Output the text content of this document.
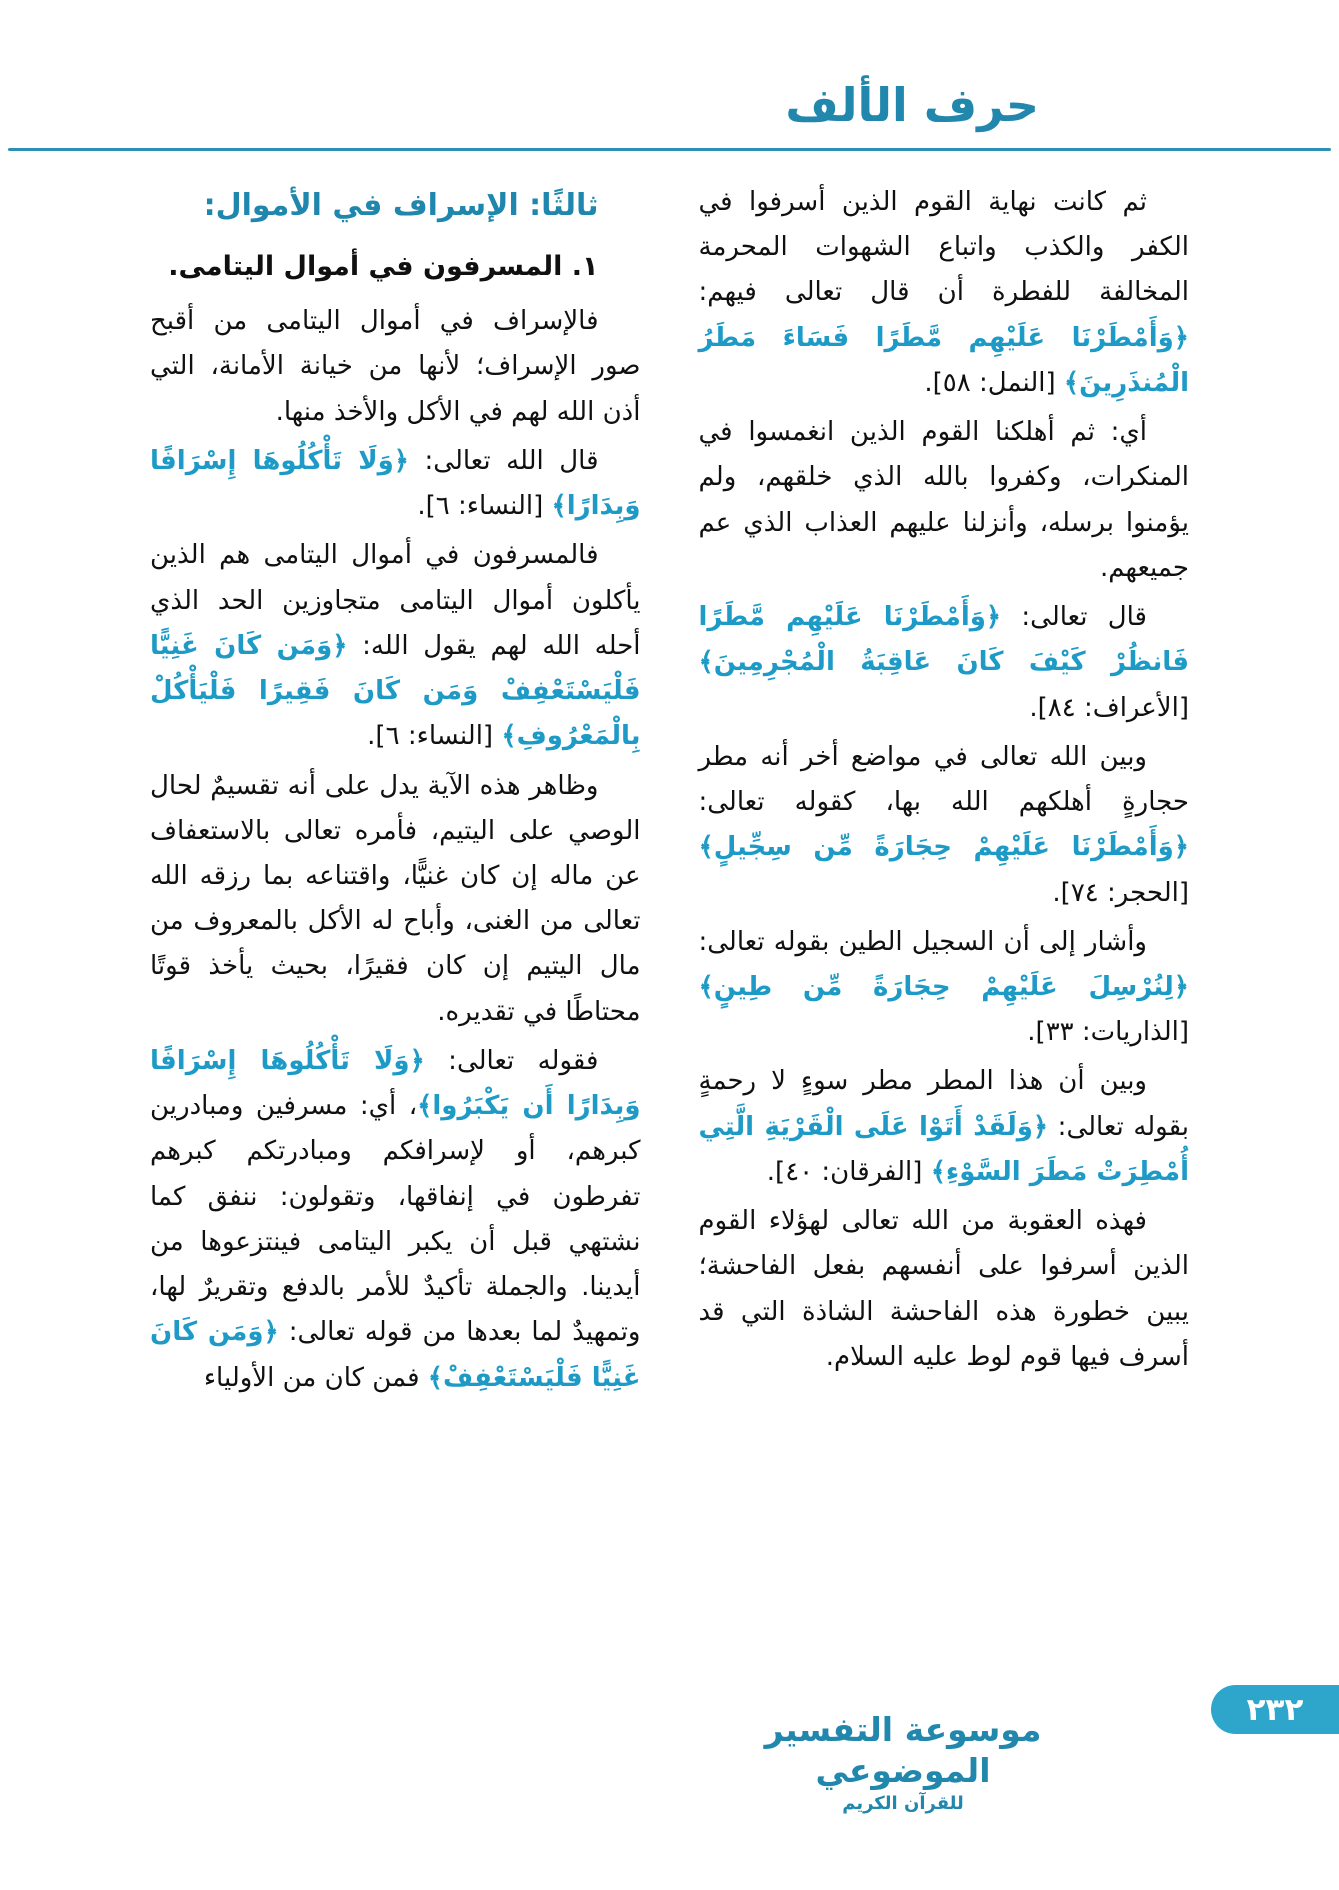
حرف الألف

ثم كانت نهاية القوم الذين أسرفوا في الكفر والكذب واتباع الشهوات المحرمة المخالفة للفطرة أن قال تعالى فيهم: ﴿وَأَمْطَرْنَا عَلَيْهِم مَّطَرًا فَسَاءَ مَطَرُ الْمُنذَرِينَ﴾ [النمل: ٥٨].

أي: ثم أهلكنا القوم الذين انغمسوا في المنكرات، وكفروا بالله الذي خلقهم، ولم يؤمنوا برسله، وأنزلنا عليهم العذاب الذي عم جميعهم.

قال تعالى: ﴿وَأَمْطَرْنَا عَلَيْهِم مَّطَرًا فَانظُرْ كَيْفَ كَانَ عَاقِبَةُ الْمُجْرِمِينَ﴾ [الأعراف: ٨٤].

وبين الله تعالى في مواضع أخر أنه مطر حجارةٍ أهلكهم الله بها، كقوله تعالى: ﴿وَأَمْطَرْنَا عَلَيْهِمْ حِجَارَةً مِّن سِجِّيلٍ﴾ [الحجر: ٧٤].

وأشار إلى أن السجيل الطين بقوله تعالى: ﴿لِنُرْسِلَ عَلَيْهِمْ حِجَارَةً مِّن طِينٍ﴾ [الذاريات: ٣٣].

وبين أن هذا المطر مطر سوءٍ لا رحمةٍ بقوله تعالى: ﴿وَلَقَدْ أَتَوْا عَلَى الْقَرْيَةِ الَّتِي أُمْطِرَتْ مَطَرَ السَّوْءِ﴾ [الفرقان: ٤٠].

فهذه العقوبة من الله تعالى لهؤلاء القوم الذين أسرفوا على أنفسهم بفعل الفاحشة؛ يبين خطورة هذه الفاحشة الشاذة التي قد أسرف فيها قوم لوط عليه السلام.

ثالثًا: الإسراف في الأموال:

١. المسرفون في أموال اليتامى.

فالإسراف في أموال اليتامى من أقبح صور الإسراف؛ لأنها من خيانة الأمانة، التي أذن الله لهم في الأكل والأخذ منها.

قال الله تعالى: ﴿وَلَا تَأْكُلُوهَا إِسْرَافًا وَبِدَارًا﴾ [النساء: ٦].

فالمسرفون في أموال اليتامى هم الذين يأكلون أموال اليتامى متجاوزين الحد الذي أحله الله لهم يقول الله: ﴿وَمَن كَانَ غَنِيًّا فَلْيَسْتَعْفِفْ وَمَن كَانَ فَقِيرًا فَلْيَأْكُلْ بِالْمَعْرُوفِ﴾ [النساء: ٦].

وظاهر هذه الآية يدل على أنه تقسيمٌ لحال الوصي على اليتيم، فأمره تعالى بالاستعفاف عن ماله إن كان غنيًّا، واقتناعه بما رزقه الله تعالى من الغنى، وأباح له الأكل بالمعروف من مال اليتيم إن كان فقيرًا، بحيث يأخذ قوتًا محتاطًا في تقديره.

فقوله تعالى: ﴿وَلَا تَأْكُلُوهَا إِسْرَافًا وَبِدَارًا أَن يَكْبَرُوا﴾، أي: مسرفين ومبادرين كبرهم، أو لإسرافكم ومبادرتكم كبرهم تفرطون في إنفاقها، وتقولون: ننفق كما نشتهي قبل أن يكبر اليتامى فينتزعوها من أيدينا. والجملة تأكيدٌ للأمر بالدفع وتقريرٌ لها، وتمهيدٌ لما بعدها من قوله تعالى: ﴿وَمَن كَانَ غَنِيًّا فَلْيَسْتَعْفِفْ﴾ فمن كان من الأولياء

موسوعة التفسير الموضوعي
للقرآن الكريم
٢٣٢
